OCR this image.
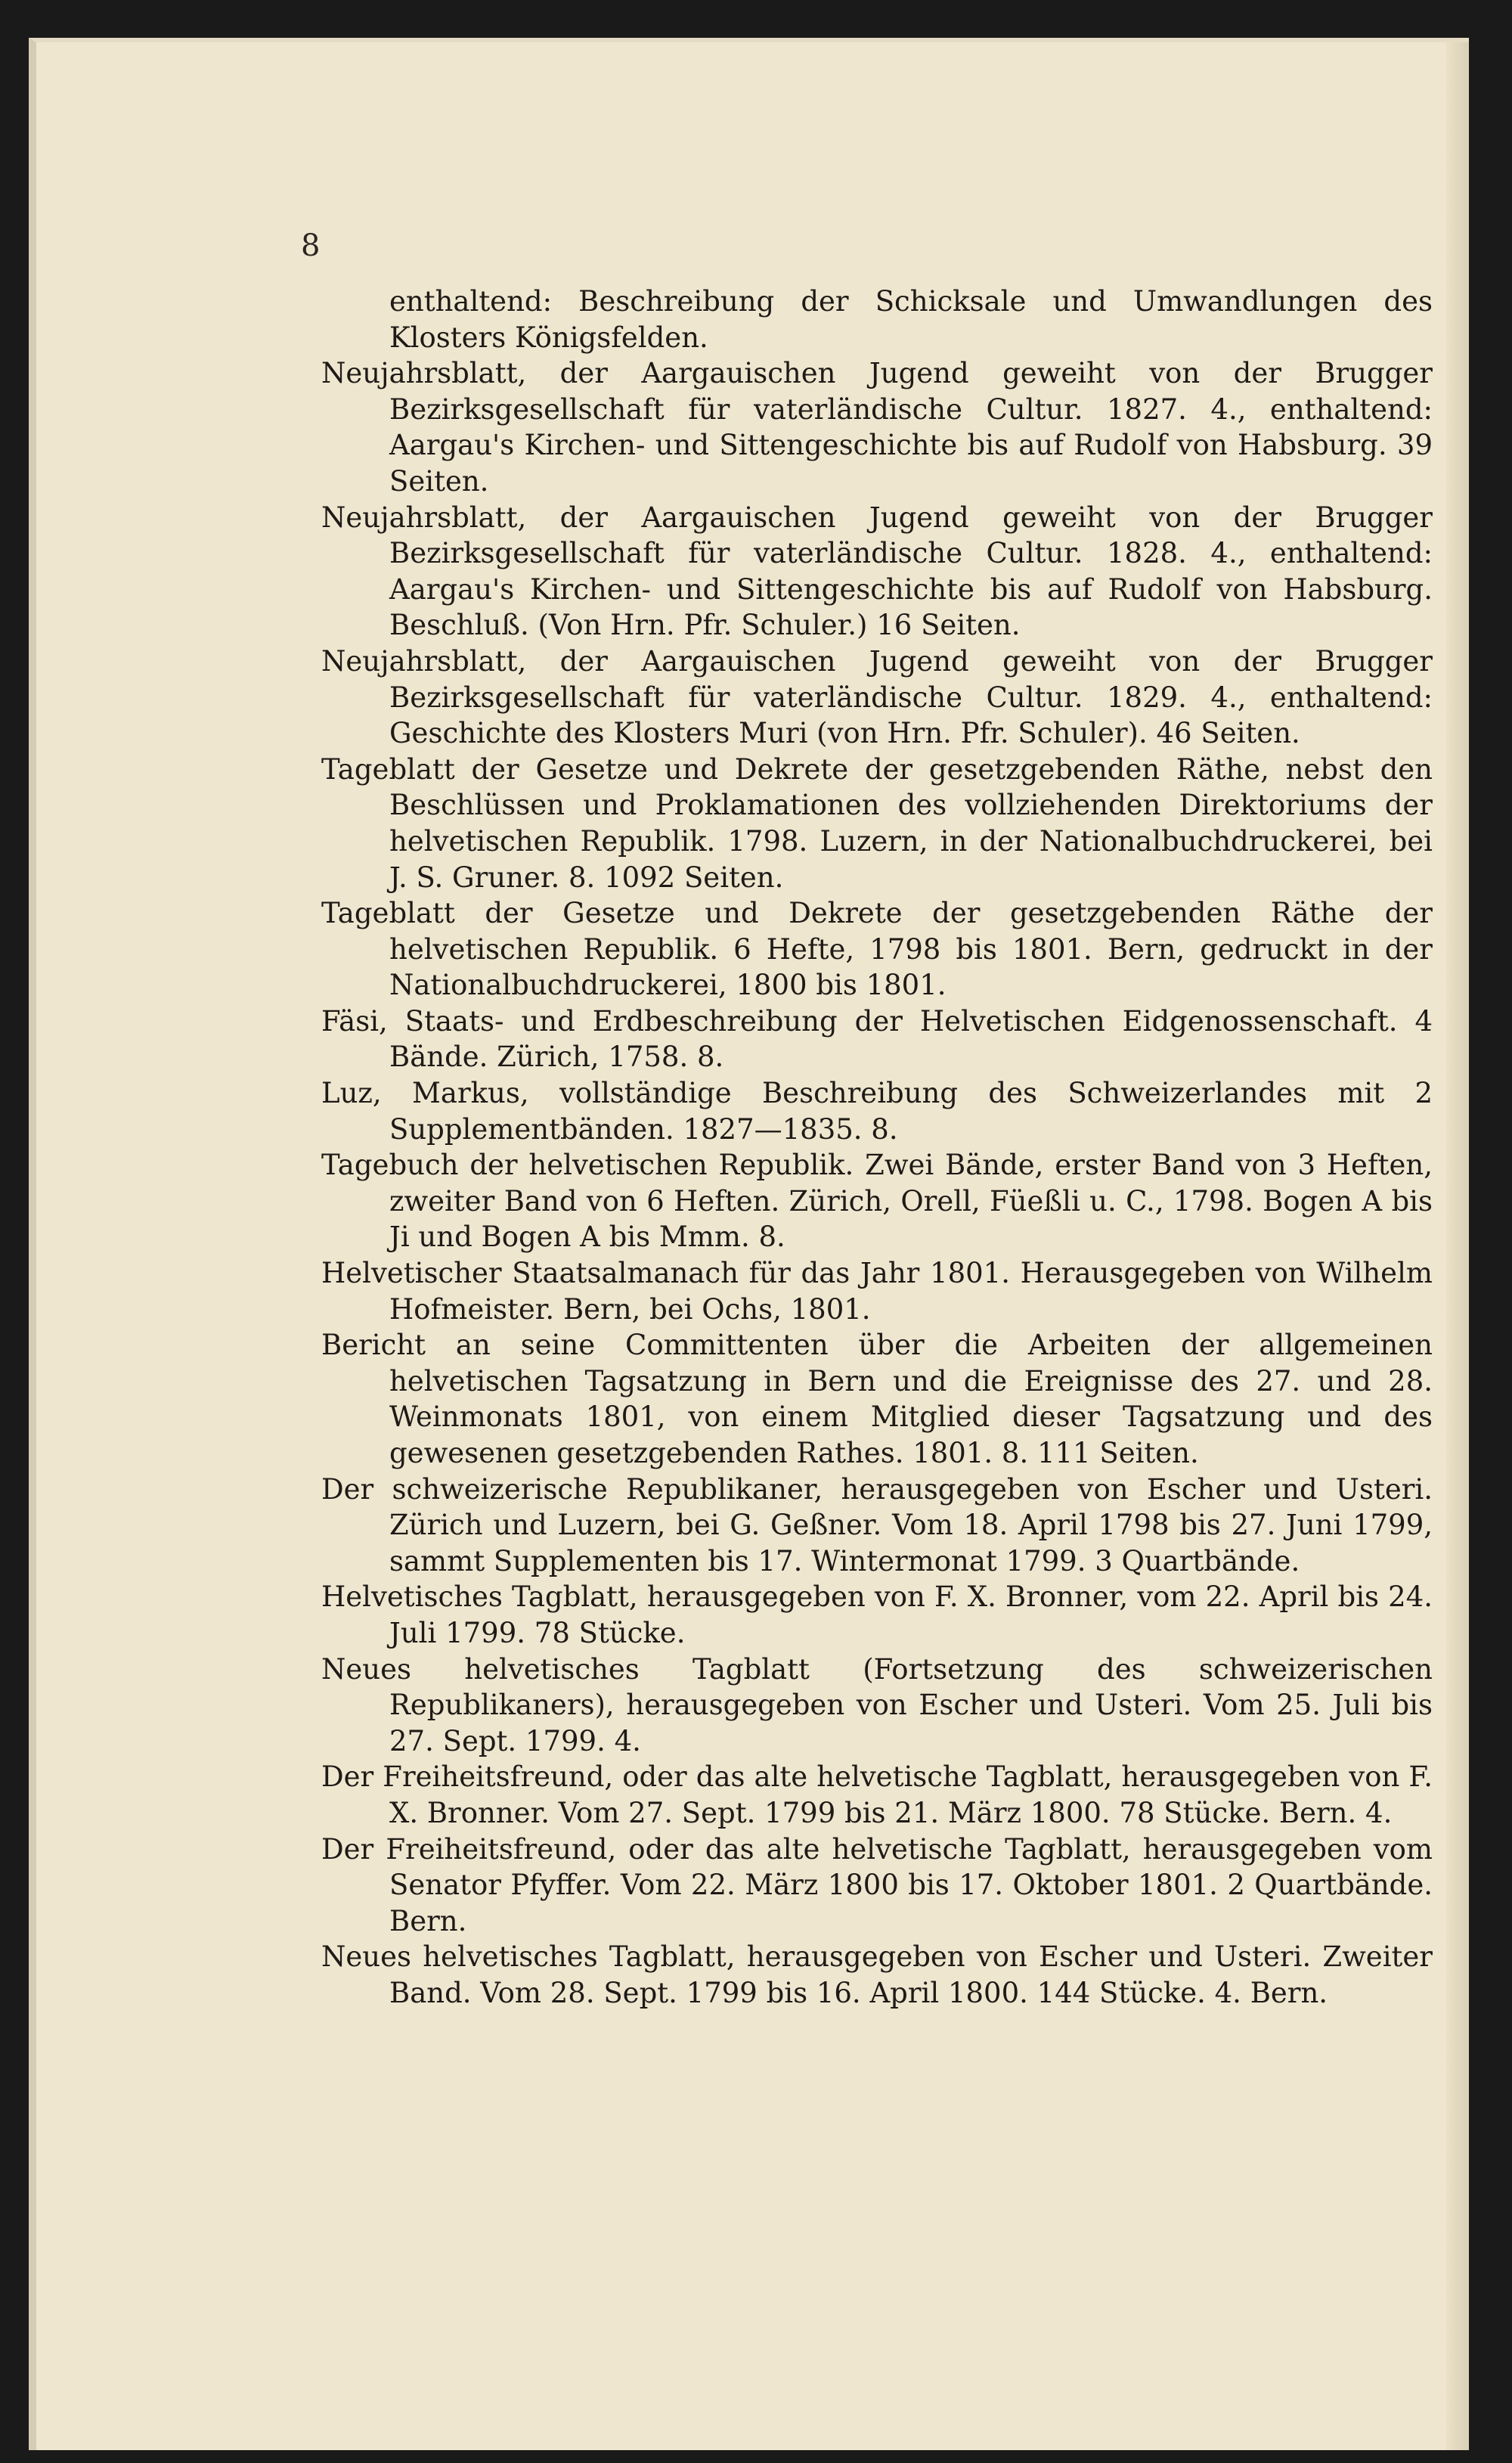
8
enthaltend: Beschreibung der Schicksale und Umwandlungen des Klosters Königsfelden.
Neujahrsblatt, der Aargauischen Jugend geweiht von der Brugger Bezirksgesellschaft für vaterländische Cultur. 1827. 4., enthaltend: Aargau's Kirchen- und Sittengeschichte bis auf Rudolf von Habsburg. 39 Seiten.
Neujahrsblatt, der Aargauischen Jugend geweiht von der Brugger Bezirksgesellschaft für vaterländische Cultur. 1828. 4., enthaltend: Aargau's Kirchen- und Sittengeschichte bis auf Rudolf von Habsburg. Beschluß. (Von Hrn. Pfr. Schuler.) 16 Seiten.
Neujahrsblatt, der Aargauischen Jugend geweiht von der Brugger Bezirksgesellschaft für vaterländische Cultur. 1829. 4., enthaltend: Geschichte des Klosters Muri (von Hrn. Pfr. Schuler). 46 Seiten.
Tageblatt der Gesetze und Dekrete der gesetzgebenden Räthe, nebst den Beschlüssen und Proklamationen des vollziehenden Direktoriums der helvetischen Republik. 1798. Luzern, in der Nationalbuchdruckerei, bei J. S. Gruner. 8. 1092 Seiten.
Tageblatt der Gesetze und Dekrete der gesetzgebenden Räthe der helvetischen Republik. 6 Hefte, 1798 bis 1801. Bern, gedruckt in der Nationalbuchdruckerei, 1800 bis 1801.
Fäsi, Staats- und Erdbeschreibung der Helvetischen Eidgenossenschaft. 4 Bände. Zürich, 1758. 8.
Luz, Markus, vollständige Beschreibung des Schweizerlandes mit 2 Supplementbänden. 1827—1835. 8.
Tagebuch der helvetischen Republik. Zwei Bände, erster Band von 3 Heften, zweiter Band von 6 Heften. Zürich, Orell, Füeßli u. C., 1798. Bogen A bis Ji und Bogen A bis Mmm. 8.
Helvetischer Staatsalmanach für das Jahr 1801. Herausgegeben von Wilhelm Hofmeister. Bern, bei Ochs, 1801.
Bericht an seine Committenten über die Arbeiten der allgemeinen helvetischen Tagsatzung in Bern und die Ereignisse des 27. und 28. Weinmonats 1801, von einem Mitglied dieser Tagsatzung und des gewesenen gesetzgebenden Rathes. 1801. 8. 111 Seiten.
Der schweizerische Republikaner, herausgegeben von Escher und Usteri. Zürich und Luzern, bei G. Geßner. Vom 18. April 1798 bis 27. Juni 1799, sammt Supplementen bis 17. Wintermonat 1799. 3 Quartbände.
Helvetisches Tagblatt, herausgegeben von F. X. Bronner, vom 22. April bis 24. Juli 1799. 78 Stücke.
Neues helvetisches Tagblatt (Fortsetzung des schweizerischen Republikaners), herausgegeben von Escher und Usteri. Vom 25. Juli bis 27. Sept. 1799. 4.
Der Freiheitsfreund, oder das alte helvetische Tagblatt, herausgegeben von F. X. Bronner. Vom 27. Sept. 1799 bis 21. März 1800. 78 Stücke. Bern. 4.
Der Freiheitsfreund, oder das alte helvetische Tagblatt, herausgegeben vom Senator Pfyffer. Vom 22. März 1800 bis 17. Oktober 1801. 2 Quartbände. Bern.
Neues helvetisches Tagblatt, herausgegeben von Escher und Usteri. Zweiter Band. Vom 28. Sept. 1799 bis 16. April 1800. 144 Stücke. 4. Bern.
